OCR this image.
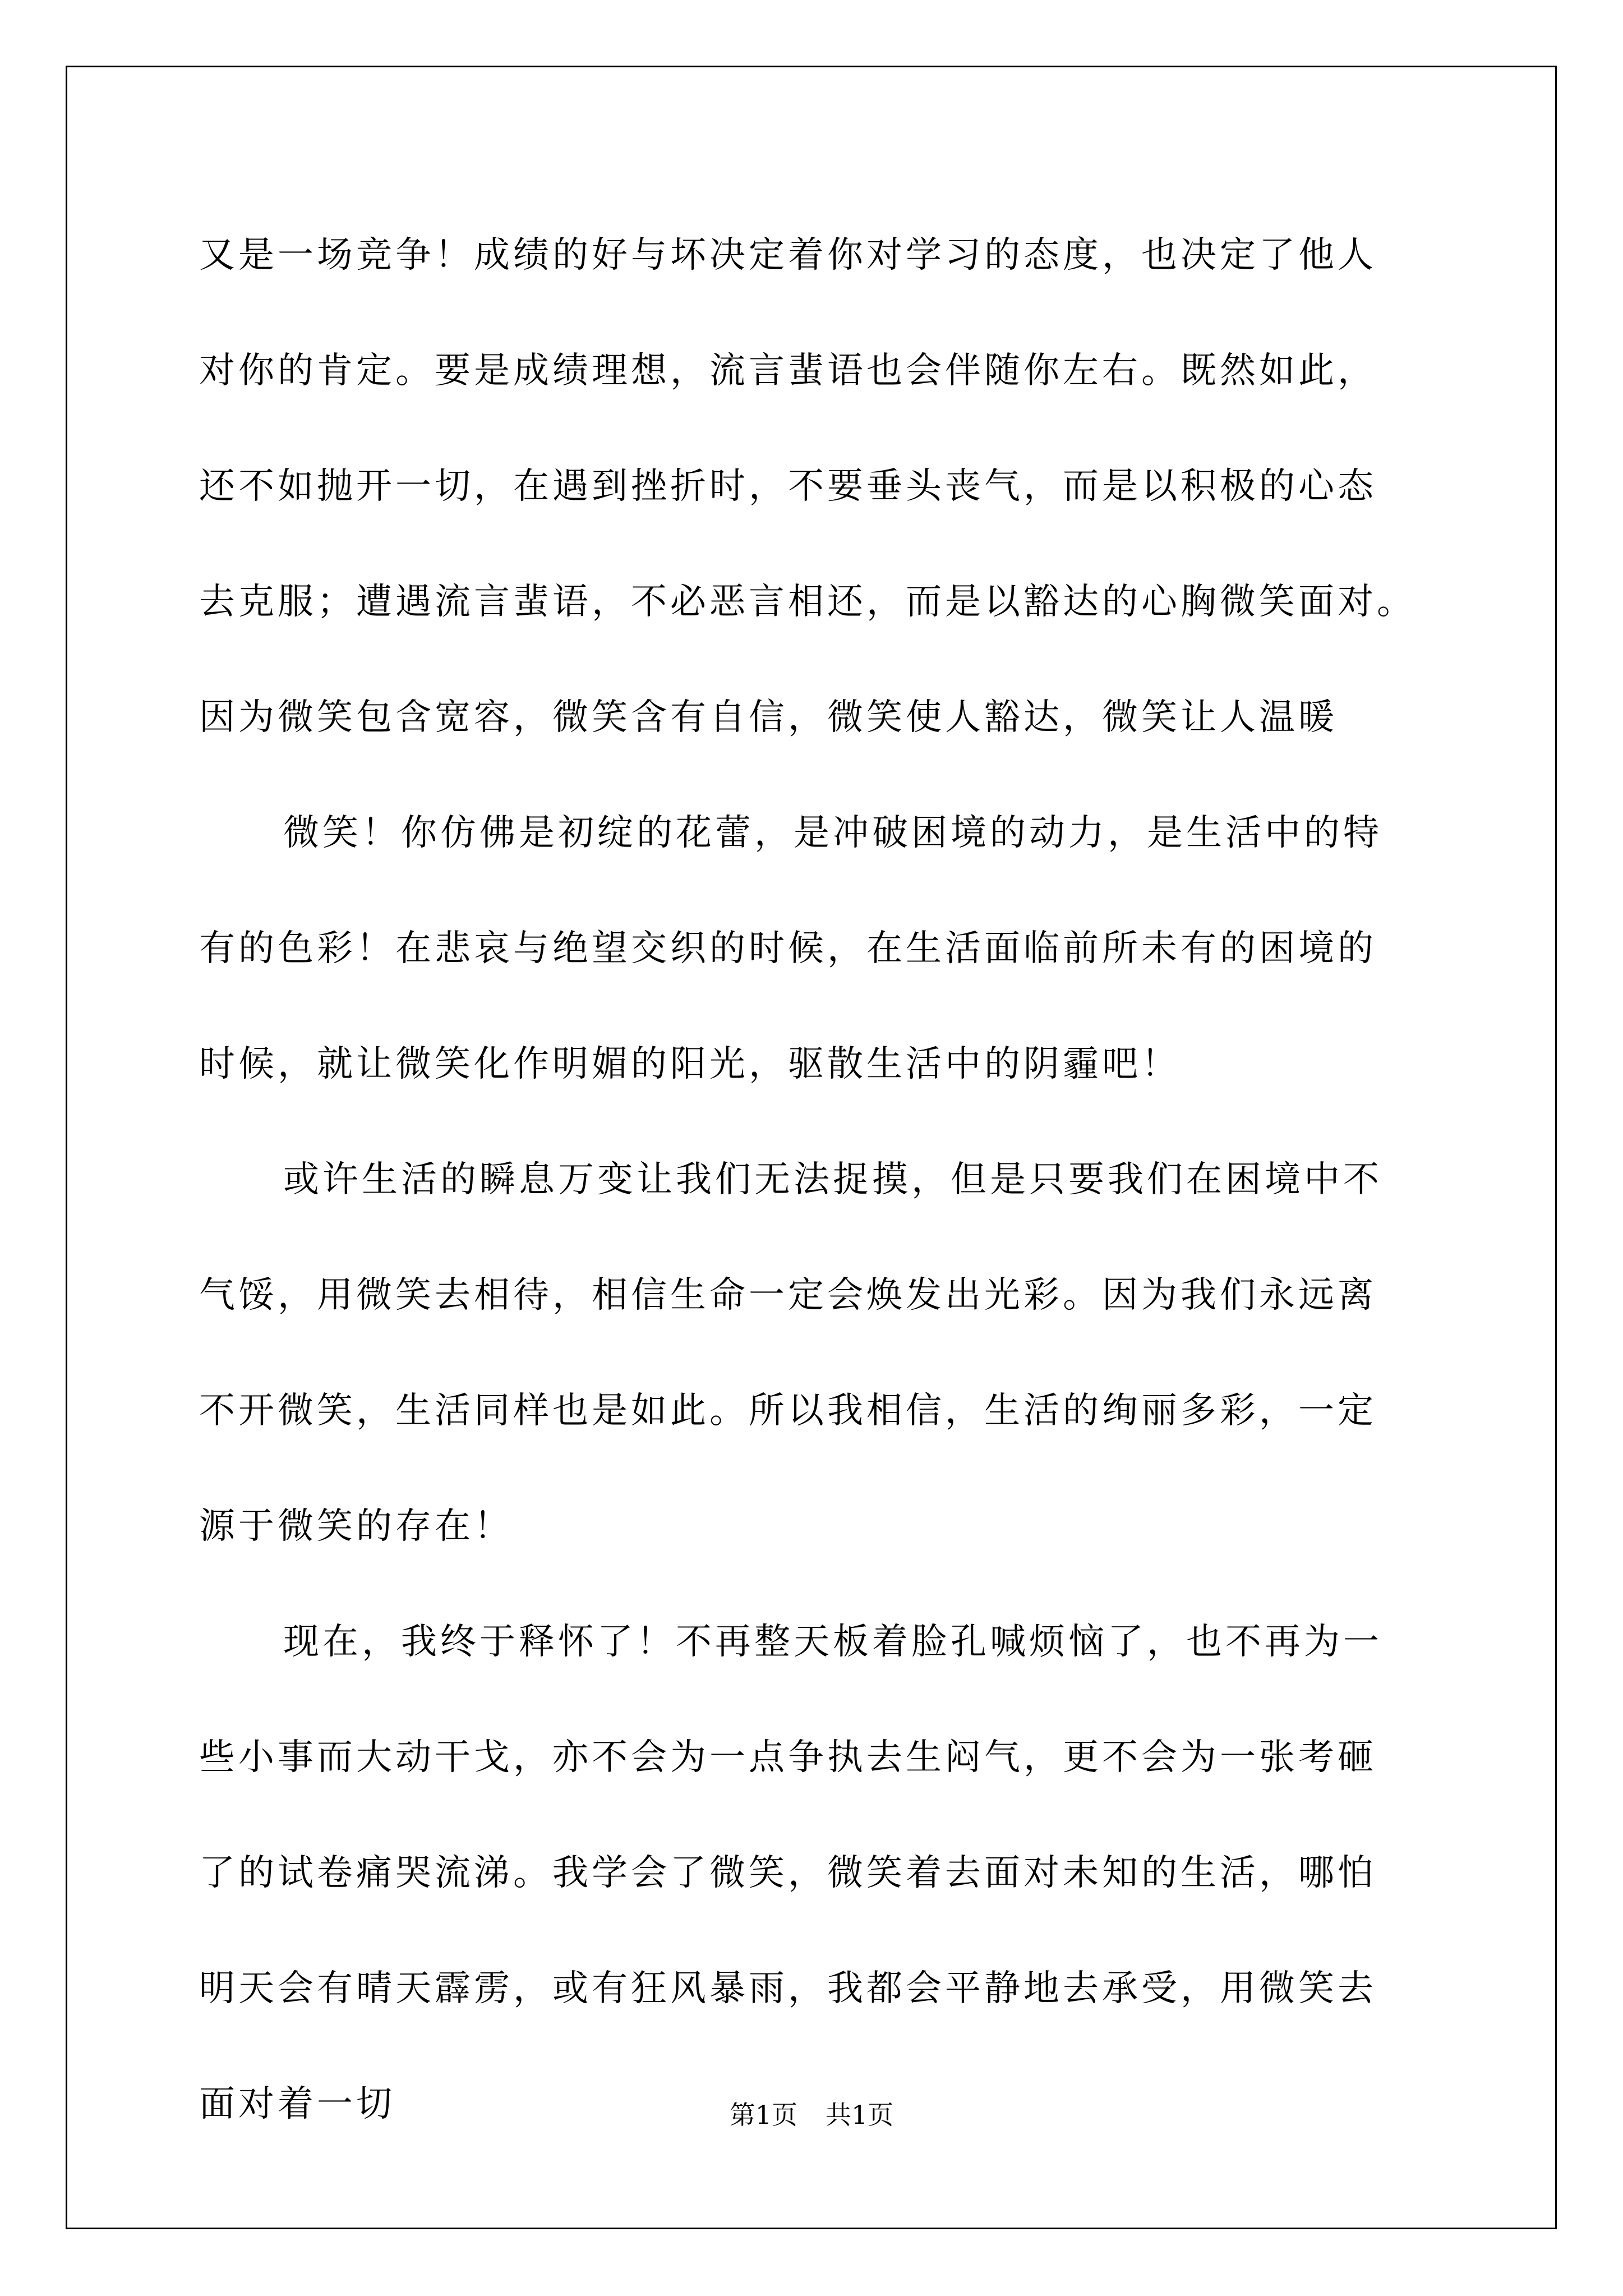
又是一场竞争！成绩的好与坏决定着你对学习的态度，也决定了他人
对你的肯定。要是成绩理想，流言蜚语也会伴随你左右。既然如此，
还不如抛开一切，在遇到挫折时，不要垂头丧气，而是以积极的心态
去克服；遭遇流言蜚语，不必恶言相还，而是以豁达的心胸微笑面对。
因为微笑包含宽容，微笑含有自信，微笑使人豁达，微笑让人温暖
微笑！你仿佛是初绽的花蕾，是冲破困境的动力，是生活中的特
有的色彩！在悲哀与绝望交织的时候，在生活面临前所未有的困境的
时候，就让微笑化作明媚的阳光，驱散生活中的阴霾吧！
或许生活的瞬息万变让我们无法捉摸，但是只要我们在困境中不
气馁，用微笑去相待，相信生命一定会焕发出光彩。因为我们永远离
不开微笑，生活同样也是如此。所以我相信，生活的绚丽多彩，一定
源于微笑的存在！
现在，我终于释怀了！不再整天板着脸孔喊烦恼了，也不再为一
些小事而大动干戈，亦不会为一点争执去生闷气，更不会为一张考砸
了的试卷痛哭流涕。我学会了微笑，微笑着去面对未知的生活，哪怕
明天会有晴天霹雳，或有狂风暴雨，我都会平静地去承受，用微笑去
面对着一切	第1页 共1页
